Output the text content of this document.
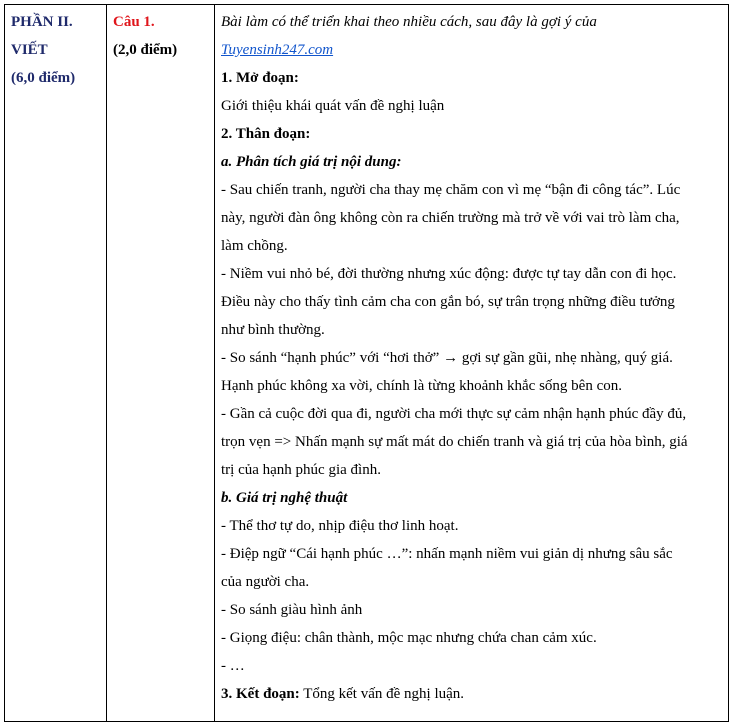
PHẦN II.
VIẾT
(6,0 điểm)
Câu 1.
(2,0 điểm)
Bài làm có thể triển khai theo nhiều cách, sau đây là gợi ý của
Tuyensinh247.com
1. Mở đoạn:
Giới thiệu khái quát vấn đề nghị luận
2. Thân đoạn:
a. Phân tích giá trị nội dung:
- Sau chiến tranh, người cha thay mẹ chăm con vì mẹ “bận đi công tác”. Lúc
này, người đàn ông không còn ra chiến trường mà trở về với vai trò làm cha,
làm chồng.
- Niềm vui nhỏ bé, đời thường nhưng xúc động: được tự tay dẫn con đi học.
Điều này cho thấy tình cảm cha con gắn bó, sự trân trọng những điều tưởng
như bình thường.
- So sánh “hạnh phúc” với “hơi thở” → gợi sự gần gũi, nhẹ nhàng, quý giá.
Hạnh phúc không xa vời, chính là từng khoảnh khắc sống bên con.
- Gần cả cuộc đời qua đi, người cha mới thực sự cảm nhận hạnh phúc đầy đủ,
trọn vẹn => Nhấn mạnh sự mất mát do chiến tranh và giá trị của hòa bình, giá
trị của hạnh phúc gia đình.
b. Giá trị nghệ thuật
- Thể thơ tự do, nhịp điệu thơ linh hoạt.
- Điệp ngữ “Cái hạnh phúc …”: nhấn mạnh niềm vui giản dị nhưng sâu sắc
của người cha.
- So sánh giàu hình ảnh
- Giọng điệu: chân thành, mộc mạc nhưng chứa chan cảm xúc.
- …
3. Kết đoạn: Tổng kết vấn đề nghị luận.
